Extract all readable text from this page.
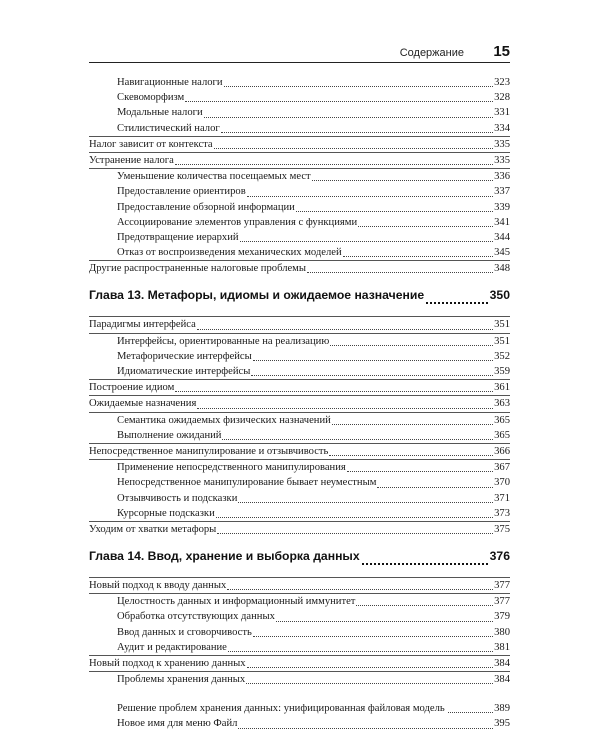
Содержание 15
Навигационные налоги	323
Скевоморфизм	328
Модальные налоги	331
Стилистический налог	334
Налог зависит от контекста	335
Устранение налога	335
Уменьшение количества посещаемых мест	336
Предоставление ориентиров	337
Предоставление обзорной информации	339
Ассоциирование элементов управления с функциями	341
Предотвращение иерархий	344
Отказ от воспроизведения механических моделей	345
Другие распространенные налоговые проблемы	348
Глава 13. Метафоры, идиомы и ожидаемое назначение	350
Парадигмы интерфейса	351
Интерфейсы, ориентированные на реализацию	351
Метафорические интерфейсы	352
Идиоматические интерфейсы	359
Построение идиом	361
Ожидаемые назначения	363
Семантика ожидаемых физических назначений	365
Выполнение ожиданий	365
Непосредственное манипулирование и отзывчивость	366
Применение непосредственного манипулирования	367
Непосредственное манипулирование бывает неуместным	370
Отзывчивость и подсказки	371
Курсорные подсказки	373
Уходим от хватки метафоры	375
Глава 14. Ввод, хранение и выборка данных	376
Новый подход к вводу данных	377
Целостность данных и информационный иммунитет	377
Обработка отсутствующих данных	379
Ввод данных и сговорчивость	380
Аудит и редактирование	381
Новый подход к хранению данных	384
Проблемы хранения данных	384
Решение проблем хранения данных: унифицированная файловая модель	389
Новое имя для меню Файл	395
